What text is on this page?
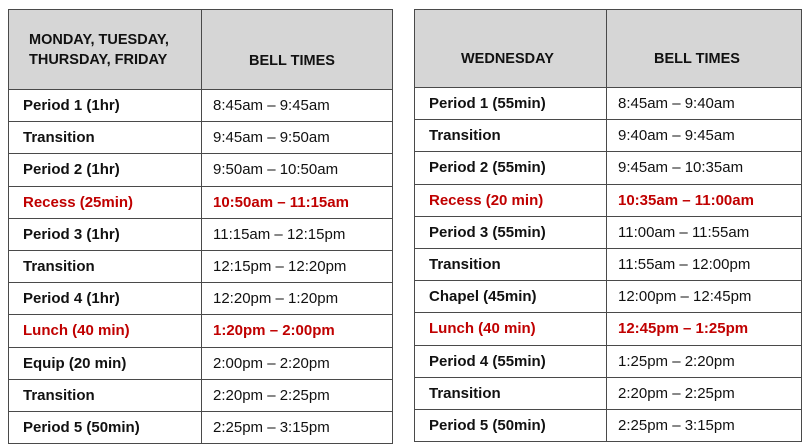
MONDAY, TUESDAY,
THURSDAY, FRIDAY	BELL TIMES
Period 1 (1hr)	8:45am – 9:45am
Transition	9:45am – 9:50am
Period 2 (1hr)	9:50am – 10:50am
Recess (25min)	10:50am – 11:15am
Period 3 (1hr)	11:15am – 12:15pm
Transition	12:15pm – 12:20pm
Period 4 (1hr)	12:20pm – 1:20pm
Lunch (40 min)	1:20pm – 2:00pm
Equip (20 min)	2:00pm – 2:20pm
Transition	2:20pm – 2:25pm
Period 5 (50min)	2:25pm – 3:15pm
WEDNESDAY	BELL TIMES
Period 1 (55min)	8:45am – 9:40am
Transition	9:40am – 9:45am
Period 2 (55min)	9:45am – 10:35am
Recess (20 min)	10:35am – 11:00am
Period 3 (55min)	11:00am – 11:55am
Transition	11:55am – 12:00pm
Chapel (45min)	12:00pm – 12:45pm
Lunch (40 min)	12:45pm – 1:25pm
Period 4 (55min)	1:25pm – 2:20pm
Transition	2:20pm – 2:25pm
Period 5 (50min)	2:25pm – 3:15pm
